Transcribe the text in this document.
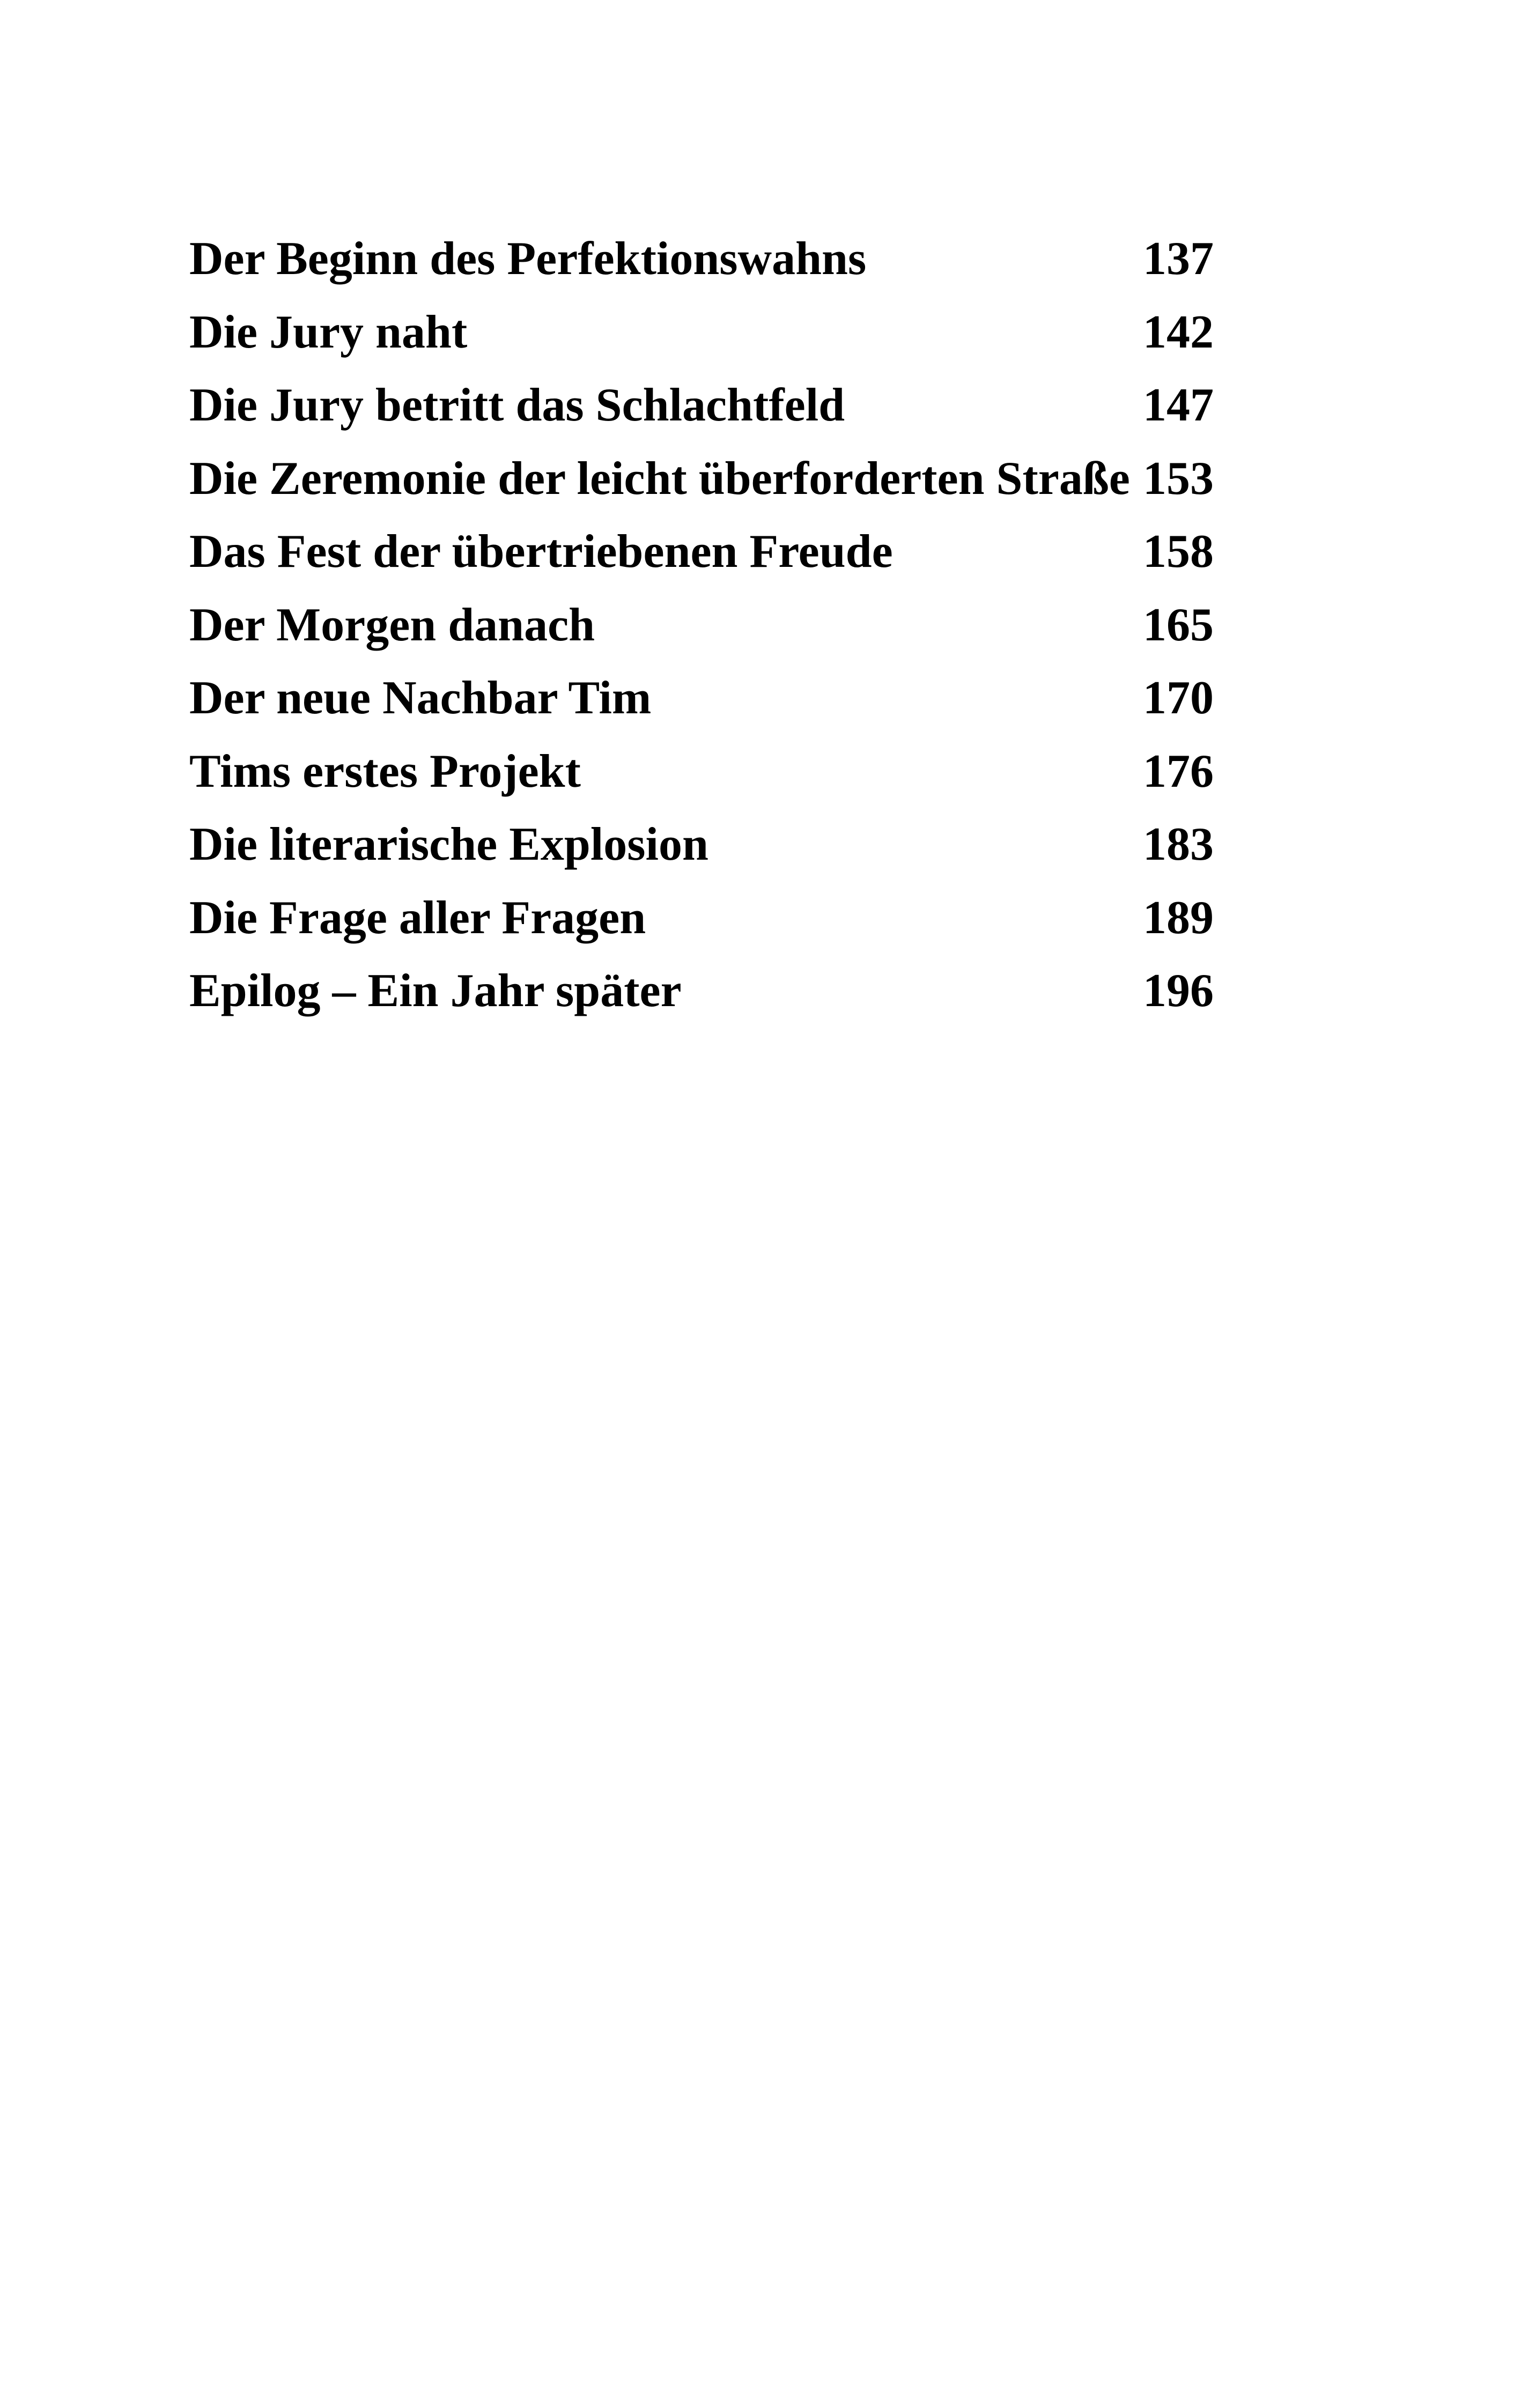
Der Beginn des Perfektionswahns	137
Die Jury naht	142
Die Jury betritt das Schlachtfeld	147
Die Zeremonie der leicht überforderten Straße 153
Das Fest der übertriebenen Freude	158
Der Morgen danach	165
Der neue Nachbar Tim	170
Tims erstes Projekt	176
Die literarische Explosion	183
Die Frage aller Fragen	189
Epilog – Ein Jahr später	196
